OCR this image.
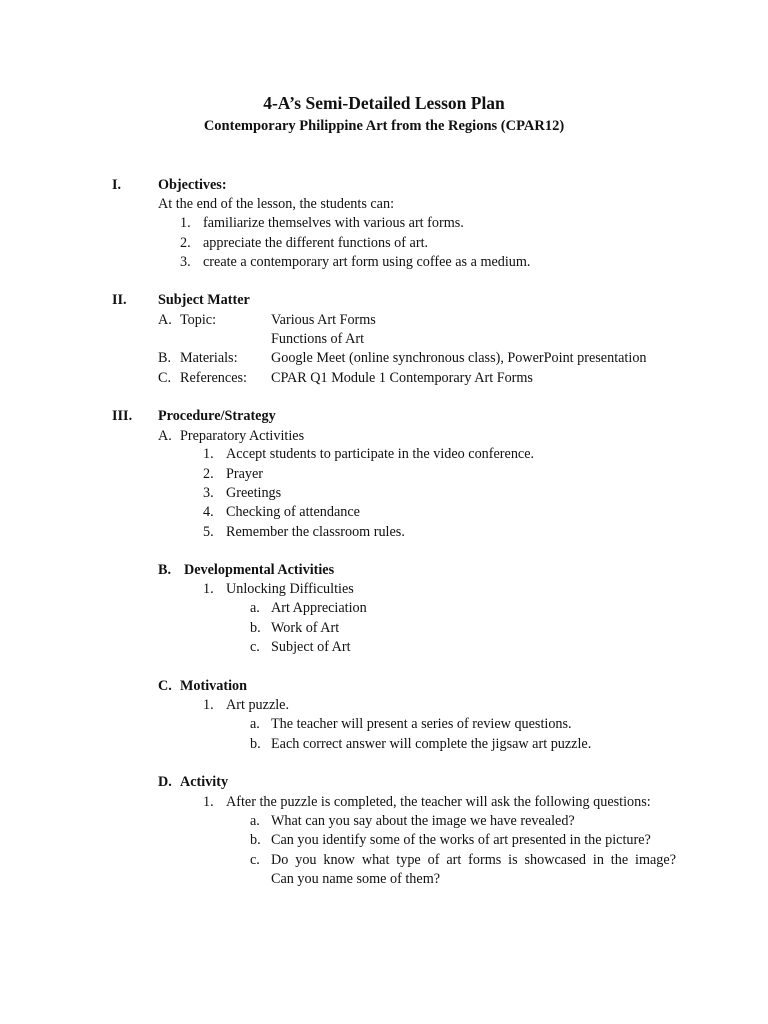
4-A’s Semi-Detailed Lesson Plan
Contemporary Philippine Art from the Regions (CPAR12)
I.	Objectives:
At the end of the lesson, the students can:
1. familiarize themselves with various art forms.
2. appreciate the different functions of art.
3. create a contemporary art form using coffee as a medium.
II. Subject Matter
A. Topic:	Various Art Forms
Functions of Art
B. Materials: Google Meet (online synchronous class), PowerPoint presentation
C. References: CPAR Q1 Module 1 Contemporary Art Forms
III. Procedure/Strategy
A. Preparatory Activities
1. Accept students to participate in the video conference.
2. Prayer
3. Greetings
4. Checking of attendance
5. Remember the classroom rules.
B. Developmental Activities
1. Unlocking Difficulties
a. Art Appreciation
b. Work of Art
c. Subject of Art
C. Motivation
1. Art puzzle.
a. The teacher will present a series of review questions.
b. Each correct answer will complete the jigsaw art puzzle.
D. Activity
1. After the puzzle is completed, the teacher will ask the following questions:
a. What can you say about the image we have revealed?
b. Can you identify some of the works of art presented in the picture?
c. Do you know what type of art forms is showcased in the image?
Can you name some of them?
